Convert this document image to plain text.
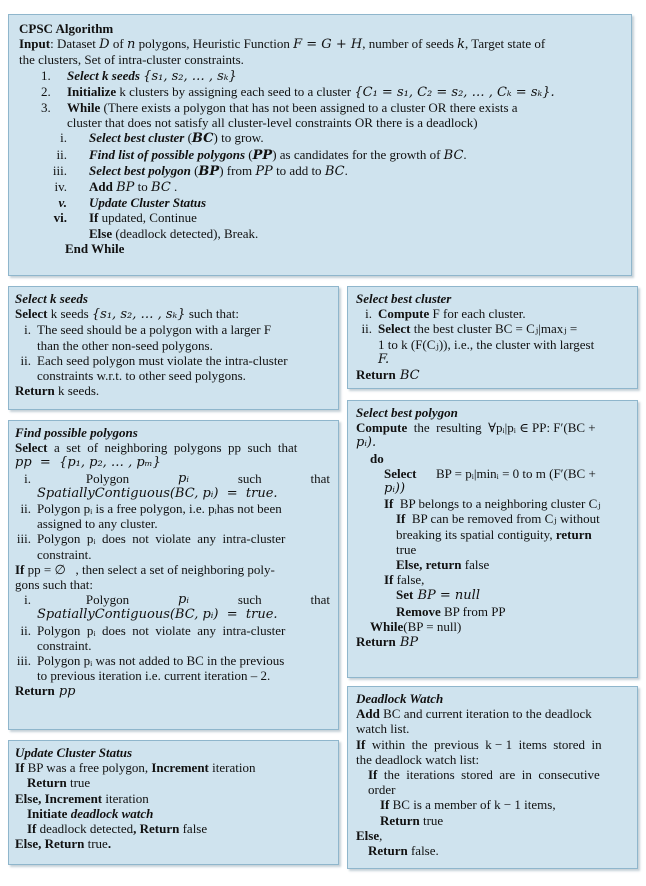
CPSC Algorithm
Input: Dataset D of n polygons, Heuristic Function F = G + H, number of seeds k, Target state of
the clusters, Set of intra-cluster constraints.
1. Select k seeds {s₁, s₂, … , sₖ}
2. Initialize k clusters by assigning each seed to a cluster {C₁ = s₁, C₂ = s₂, … , Cₖ = sₖ}.
3. While (There exists a polygon that has not been assigned to a cluster OR there exists a
cluster that does not satisfy all cluster-level constraints OR there is a deadlock)
i. Select best cluster (BC) to grow.
ii. Find list of possible polygons (PP) as candidates for the growth of BC.
iii. Select best polygon (BP) from PP to add to BC.
iv. Add BP to BC .
v. Update Cluster Status
vi. If updated, Continue
Else (deadlock detected), Break.
End While
Select k seeds
Select k seeds {s₁, s₂, … , sₖ} such that:
i. The seed should be a polygon with a larger F
than the other non-seed polygons.
ii. Each seed polygon must violate the intra-cluster
constraints w.r.t. to other seed polygons.
Return k seeds.
Select best cluster
i. Compute F for each cluster.
ii. Select the best cluster BC = Cⱼ|maxⱼ =
1 to k (F(Cⱼ)), i.e., the cluster with largest
F.
Return BC
Find possible polygons
Select  a  set  of  neighboring  polygons  pp  such  that
pp  =  {p₁, p₂, … , pₘ}
i.	Polygon	pᵢ	such	that
SpatiallyContiguous(BC, pᵢ)  =  true.
ii. Polygon pᵢ is a free polygon, i.e. pᵢhas not been
assigned to any cluster.
iii. Polygon  pᵢ  does  not  violate  any  intra-cluster
constraint.
If pp = ∅   , then select a set of neighboring poly-
gons such that:
i.	Polygon	pᵢ	such	that
SpatiallyContiguous(BC, pᵢ)  =  true.
ii. Polygon  pᵢ  does  not  violate  any  intra-cluster
constraint.
iii. Polygon pᵢ was not added to BC in the previous
to previous iteration i.e. current iteration – 2.
Return pp
Select best polygon
Compute  the  resulting  ∀pᵢ|pᵢ ∈ PP: F′(BC +
pᵢ).
do
Select      BP = pᵢ|minᵢ = 0 to m (F′(BC +
pᵢ))
If  BP belongs to a neighboring cluster Cⱼ
If  BP can be removed from Cⱼ without
breaking its spatial contiguity, return
true
Else, return false
If false,
Set BP = null
Remove BP from PP
While(BP = null)
Return BP
Update Cluster Status
If BP was a free polygon, Increment iteration
Return true
Else, Increment iteration
Initiate deadlock watch
If deadlock detected, Return false
Else, Return true.
Deadlock Watch
Add BC and current iteration to the deadlock
watch list.
If  within  the  previous  k − 1  items  stored  in
the deadlock watch list:
If  the  iterations  stored  are  in  consecutive
order
If BC is a member of k − 1 items,
Return true
Else,
Return false.
